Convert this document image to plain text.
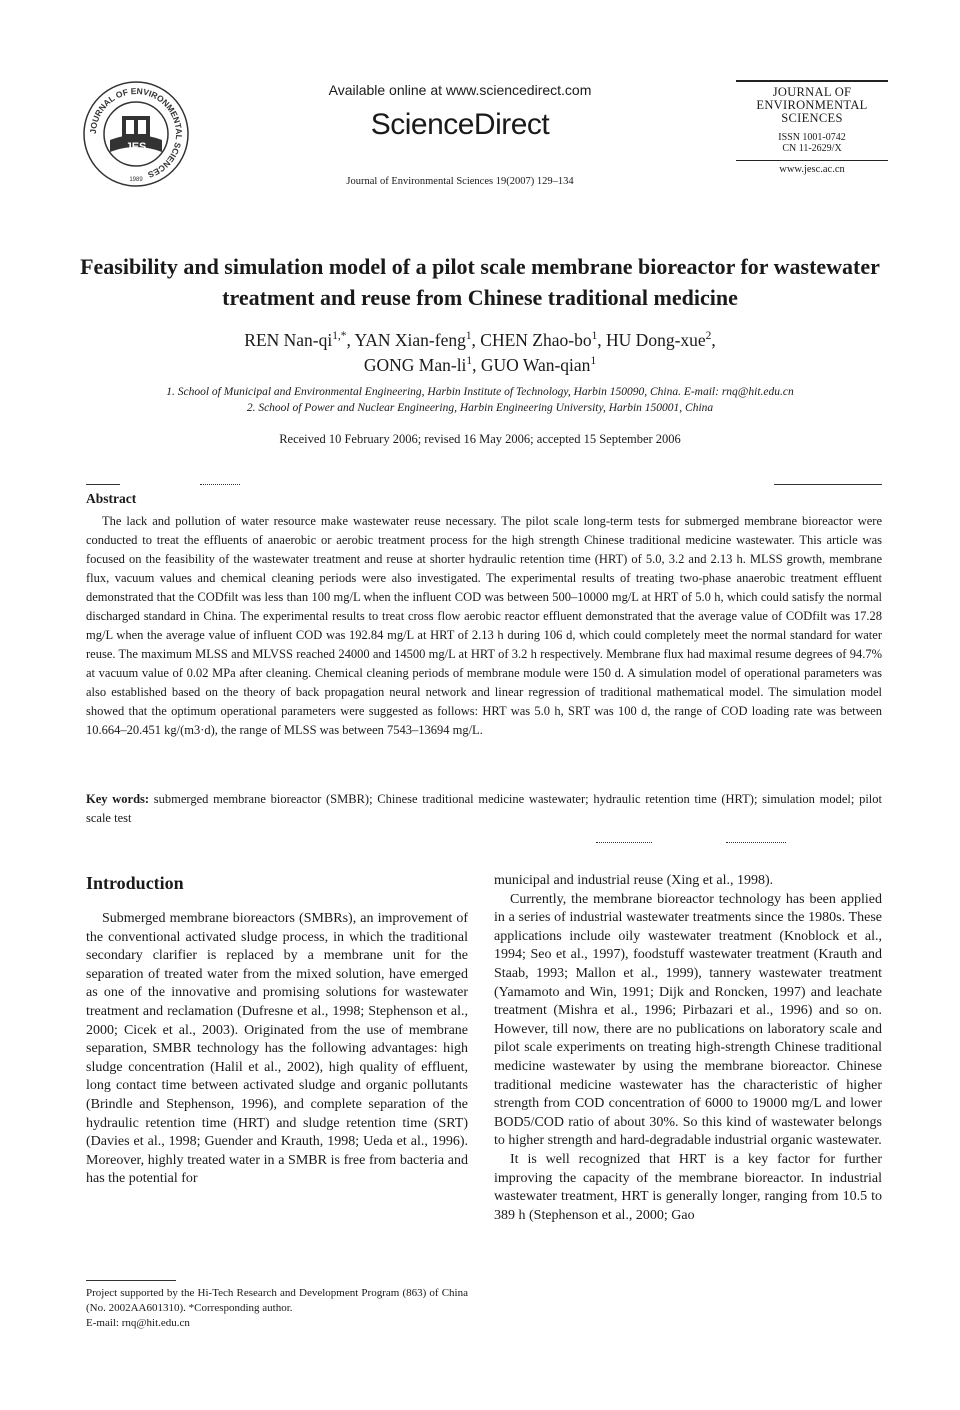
JOURNAL OF ENVIRONMENTAL SCIENCES
JES
1989
Available online at www.sciencedirect.com
ScienceDirect
Journal of Environmental Sciences 19(2007) 129–134
JOURNAL OF ENVIRONMENTAL SCIENCES
ISSN 1001-0742
CN 11-2629/X
www.jesc.ac.cn
Feasibility and simulation model of a pilot scale membrane bioreactor for wastewater treatment and reuse from Chinese traditional medicine
REN Nan-$qi^{1,*}$, YAN Xian-feng$^1$, CHEN Zhao-$bo^1$, HU Dong-xue$^2$,
GONG Man-$li^1$, GUO Wan-qian$^1$
1. School of Municipal and Environmental Engineering, Harbin Institute of Technology, Harbin 150090, China. E-mail: rnq@hit.edu.cn
2. School of Power and Nuclear Engineering, Harbin Engineering University, Harbin 150001, China
Received 10 February 2006; revised 16 May 2006; accepted 15 September 2006
Abstract
The lack and pollution of water resource make wastewater reuse necessary. The pilot scale long-term tests for submerged membrane bioreactor were conducted to treat the effluents of anaerobic or aerobic treatment process for the high strength Chinese traditional medicine wastewater. This article was focused on the feasibility of the wastewater treatment and reuse at shorter hydraulic retention time (HRT) of 5.0, 3.2 and 2.13 h. MLSS growth, membrane flux, vacuum values and chemical cleaning periods were also investigated. The experimental results of treating two-phase anaerobic treatment effluent demonstrated that the CODfilt was less than 100 mg/L when the influent COD was between 500–10000 mg/L at HRT of 5.0 h, which could satisfy the normal discharged standard in China. The experimental results to treat cross flow aerobic reactor effluent demonstrated that the average value of CODfilt was 17.28 mg/L when the average value of influent COD was 192.84 mg/L at HRT of 2.13 h during 106 d, which could completely meet the normal standard for water reuse. The maximum MLSS and MLVSS reached 24000 and 14500 mg/L at HRT of 3.2 h respectively. Membrane flux had maximal resume degrees of 94.7% at vacuum value of 0.02 MPa after cleaning. Chemical cleaning periods of membrane module were 150 d. A simulation model of operational parameters was also established based on the theory of back propagation neural network and linear regression of traditional mathematical model. The simulation model showed that the optimum operational parameters were suggested as follows: HRT was 5.0 h, SRT was 100 d, the range of COD loading rate was between 10.664–20.451 kg/(m3·d), the range of MLSS was between 7543–13694 mg/L.
Key words: submerged membrane bioreactor (SMBR); Chinese traditional medicine wastewater; hydraulic retention time (HRT); simulation model; pilot scale test
Introduction

Submerged membrane bioreactors (SMBRs), an improvement of the conventional activated sludge process, in which the traditional secondary clarifier is replaced by a membrane unit for the separation of treated water from the mixed solution, have emerged as one of the innovative and promising solutions for wastewater treatment and reclamation (Dufresne et al., 1998; Stephenson et al., 2000; Cicek et al., 2003). Originated from the use of membrane separation, SMBR technology has the following advantages: high sludge concentration (Halil et al., 2002), high quality of effluent, long contact time between activated sludge and organic pollutants (Brindle and Stephenson, 1996), and complete separation of the hydraulic retention time (HRT) and sludge retention time (SRT) (Davies et al., 1998; Guender and Krauth, 1998; Ueda et al., 1996). Moreover, highly treated water in a SMBR is free from bacteria and has the potential for

municipal and industrial reuse (Xing et al., 1998).

Currently, the membrane bioreactor technology has been applied in a series of industrial wastewater treatments since the 1980s. These applications include oily wastewater treatment (Knoblock et al., 1994; Seo et al., 1997), foodstuff wastewater treatment (Krauth and Staab, 1993; Mallon et al., 1999), tannery wastewater treatment (Yamamoto and Win, 1991; Dijk and Roncken, 1997) and leachate treatment (Mishra et al., 1996; Pirbazari et al., 1996) and so on. However, till now, there are no publications on laboratory scale and pilot scale experiments on treating high-strength Chinese traditional medicine wastewater by using the membrane bioreactor. Chinese traditional medicine wastewater has the characteristic of higher strength from COD concentration of 6000 to 19000 mg/L and lower BOD5/COD ratio of about 30%. So this kind of wastewater belongs to higher strength and hard-degradable industrial organic wastewater.

It is well recognized that HRT is a key factor for further improving the capacity of the membrane bioreactor. In industrial wastewater treatment, HRT is generally longer, ranging from 10.5 to 389 h (Stephenson et al., 2000; Gao

Project supported by the Hi-Tech Research and Development Program (863) of China (No. 2002AA601310). *Corresponding author.
E-mail: rnq@hit.edu.cn
